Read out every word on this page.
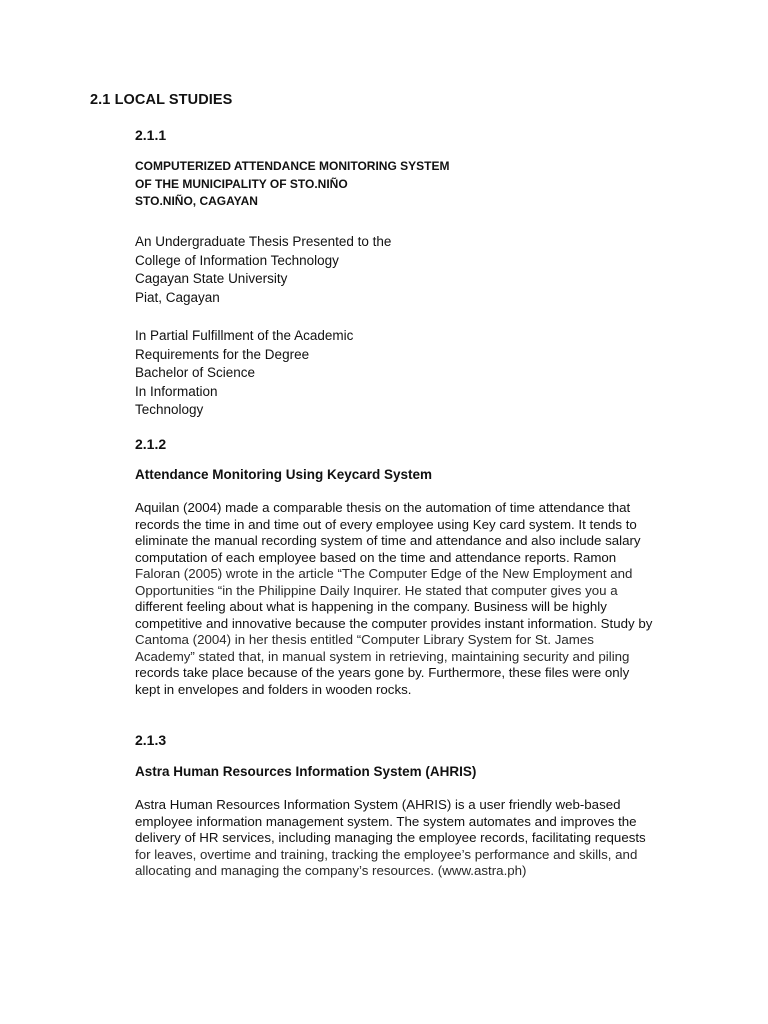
2.1 LOCAL STUDIES
2.1.1
COMPUTERIZED ATTENDANCE MONITORING SYSTEM
OF THE MUNICIPALITY OF STO.NIÑO
STO.NIÑO, CAGAYAN
An Undergraduate Thesis Presented to the
College of Information Technology
Cagayan State University
Piat, Cagayan
In Partial Fulfillment of the Academic
Requirements for the Degree
Bachelor of Science
In Information
Technology
2.1.2
Attendance Monitoring Using Keycard System
Aquilan (2004) made a comparable thesis on the automation of time attendance that
records the time in and time out of every employee using Key card system. It tends to
eliminate the manual recording system of time and attendance and also include salary
computation of each employee based on the time and attendance reports. Ramon
Faloran (2005) wrote in the article “The Computer Edge of the New Employment and
Opportunities “in the Philippine Daily Inquirer. He stated that computer gives you a
different feeling about what is happening in the company. Business will be highly
competitive and innovative because the computer provides instant information. Study by
Cantoma (2004) in her thesis entitled “Computer Library System for St. James
Academy” stated that, in manual system in retrieving, maintaining security and piling
records take place because of the years gone by. Furthermore, these files were only
kept in envelopes and folders in wooden rocks.
2.1.3
Astra Human Resources Information System (AHRIS)
Astra Human Resources Information System (AHRIS) is a user friendly web-based
employee information management system. The system automates and improves the
delivery of HR services, including managing the employee records, facilitating requests
for leaves, overtime and training, tracking the employee’s performance and skills, and
allocating and managing the company’s resources. (www.astra.ph)
